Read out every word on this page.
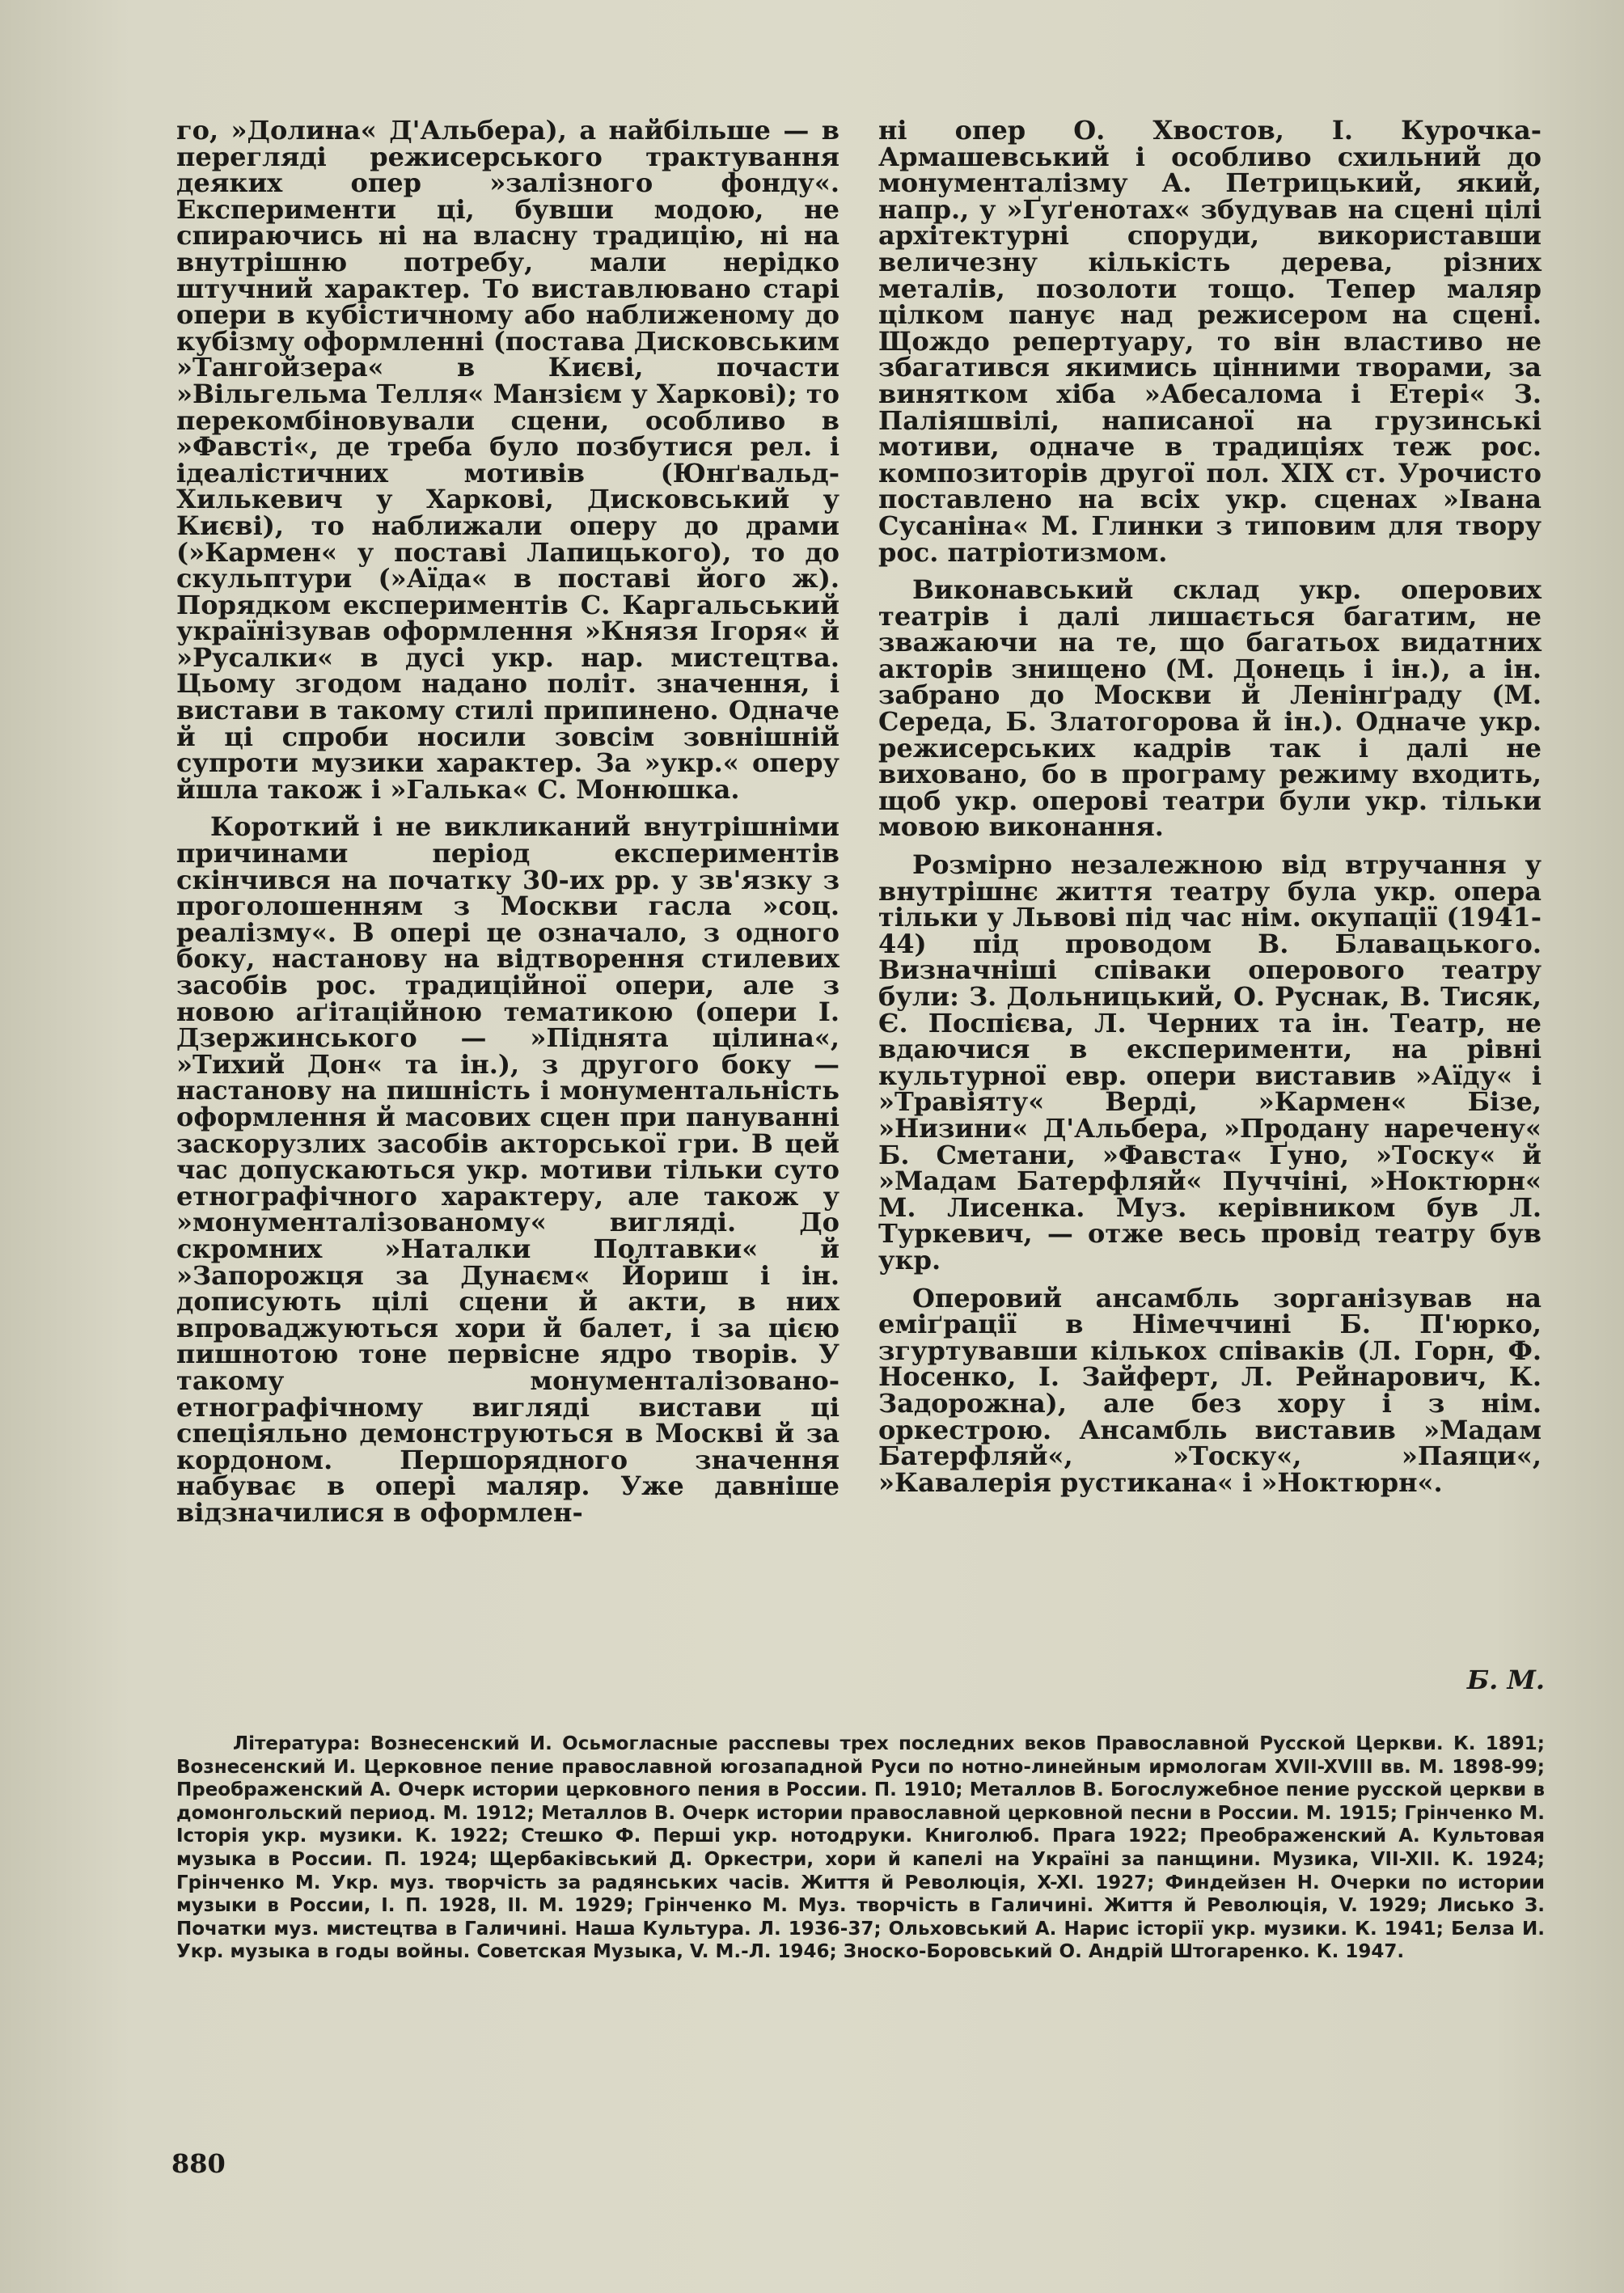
го, »Долина« Д'Альбера), а найбільше — в перегляді режисерського трактування деяких опер »залізного фонду«. Експерименти ці, бувши модою, не спираючись ні на власну традицію, ні на внутрішню потребу, мали нерідко штучний характер. То виставлювано старі опери в кубістичному або наближеному до кубізму оформленні (постава Дисковським »Тангойзера« в Києві, почасти »Вільгельма Телля« Манзієм у Харкові); то перекомбіновували сцени, особливо в »Фавсті«, де треба було позбутися рел. і ідеалістичних мотивів (Юнґвальд-Хилькевич у Харкові, Дисковський у Києві), то наближали оперу до драми (»Кармен« у поставі Лапицького), то до скульптури (»Аїда« в поставі його ж). Порядком експериментів С. Каргальський українізував оформлення »Князя Ігоря« й »Русалки« в дусі укр. нар. мистецтва. Цьому згодом надано політ. значення, і вистави в такому стилі припинено. Одначе й ці спроби носили зовсім зовнішній супроти музики характер. За »укр.« оперу йшла також і »Галька« С. Монюшка.

Короткий і не викликаний внутрішніми причинами період експериментів скінчився на початку 30-их рр. у зв'язку з проголошенням з Москви гасла »соц. реалізму«. В опері це означало, з одного боку, настанову на відтворення стилевих засобів рос. традиційної опери, але з новою аґітаційною тематикою (опери І. Дзержинського — »Піднята цілина«, »Тихий Дон« та ін.), з другого боку — настанову на пишність і монументальність оформлення й масових сцен при пануванні заскорузлих засобів акторської гри. В цей час допускаються укр. мотиви тільки суто етнографічного характеру, але також у »монументалізованому« вигляді. До скромних »Наталки Полтавки« й »Запорожця за Дунаєм« Йориш і ін. дописують цілі сцени й акти, в них впроваджуються хори й балет, і за цією пишнотою тоне первісне ядро творів. У такому монументалізовано-етнографічному вигляді вистави ці спеціяльно демонструються в Москві й за кордоном. Першорядного значення набуває в опері маляр. Уже давніше відзначилися в оформлен-

ні опер О. Хвостов, І. Курочка-Армашевський і особливо схильний до монументалізму А. Петрицький, який, напр., у »Ґуґенотах« збудував на сцені цілі архітектурні споруди, використавши величезну кількість дерева, різних металів, позолоти тощо. Тепер маляр цілком панує над режисером на сцені. Щождо репертуару, то він властиво не збагатився якимись цінними творами, за винятком хіба »Абесалома і Етері« З. Паліяшвілі, написаної на грузинські мотиви, одначе в традиціях теж рос. композиторів другої пол. XIX ст. Урочисто поставлено на всіх укр. сценах »Івана Сусаніна« М. Глинки з типовим для твору рос. патріотизмом.

Виконавський склад укр. оперових театрів і далі лишається багатим, не зважаючи на те, що багатьох видатних акторів знищено (М. Донець і ін.), а ін. забрано до Москви й Ленінґраду (М. Середа, Б. Златогорова й ін.). Одначе укр. режисерських кадрів так і далі не виховано, бо в програму режиму входить, щоб укр. оперові театри були укр. тільки мовою виконання.

Розмірно незалежною від втручання у внутрішнє життя театру була укр. опера тільки у Львові під час нім. окупації (1941-44) під проводом В. Блавацького. Визначніші співаки оперового театру були: З. Дольницький, О. Руснак, В. Тисяк, Є. Поспієва, Л. Черних та ін. Театр, не вдаючися в експерименти, на рівні культурної евр. опери виставив »Аїду« і »Травіяту« Верді, »Кармен« Бізе, »Низини« Д'Альбера, »Продану наречену« Б. Сметани, »Фавста« Ґуно, »Тоску« й »Мадам Батерфляй« Пуччіні, »Ноктюрн« М. Лисенка. Муз. керівником був Л. Туркевич, — отже весь провід театру був укр.

Оперовий ансамбль зорганізував на еміґрації в Німеччині Б. П'юрко, згуртувавши кількох співаків (Л. Горн, Ф. Носенко, І. Зайферт, Л. Рейнарович, К. Задорожна), але без хору і з нім. оркестрою. Ансамбль виставив »Мадам Батерфляй«, »Тоску«, »Паяци«, »Кавалерія рустикана« і »Ноктюрн«.

Б. М.
Література: Вознесенский И. Осьмогласные расспевы трех последних веков Православной Русской Церкви. К. 1891; Вознесенский И. Церковное пение православной югозападной Руси по нотно-линейным ирмологам XVII-XVIII вв. М. 1898-99; Преображенский А. Очерк истории церковного пения в России. П. 1910; Металлов В. Богослужебное пение русской церкви в домонгольский период. М. 1912; Металлов В. Очерк истории православной церковной песни в России. М. 1915; Грінченко М. Історія укр. музики. К. 1922; Стешко Ф. Перші укр. нотодруки. Книголюб. Прага 1922; Преображенский А. Культовая музыка в России. П. 1924; Щербаківський Д. Оркестри, хори й капелі на Україні за панщини. Музика, VII-XII. К. 1924; Грінченко М. Укр. муз. творчість за радянських часів. Життя й Революція, X-XI. 1927; Финдейзен Н. Очерки по истории музыки в России, I. П. 1928, II. М. 1929; Грінченко М. Муз. творчість в Галичині. Життя й Революція, V. 1929; Лисько З. Початки муз. мистецтва в Галичині. Наша Культура. Л. 1936-37; Ольховський А. Нарис історії укр. музики. К. 1941; Белза И. Укр. музыка в годы войны. Советская Музыка, V. М.-Л. 1946; Зноско-Боровський О. Андрій Штогаренко. К. 1947.
880
